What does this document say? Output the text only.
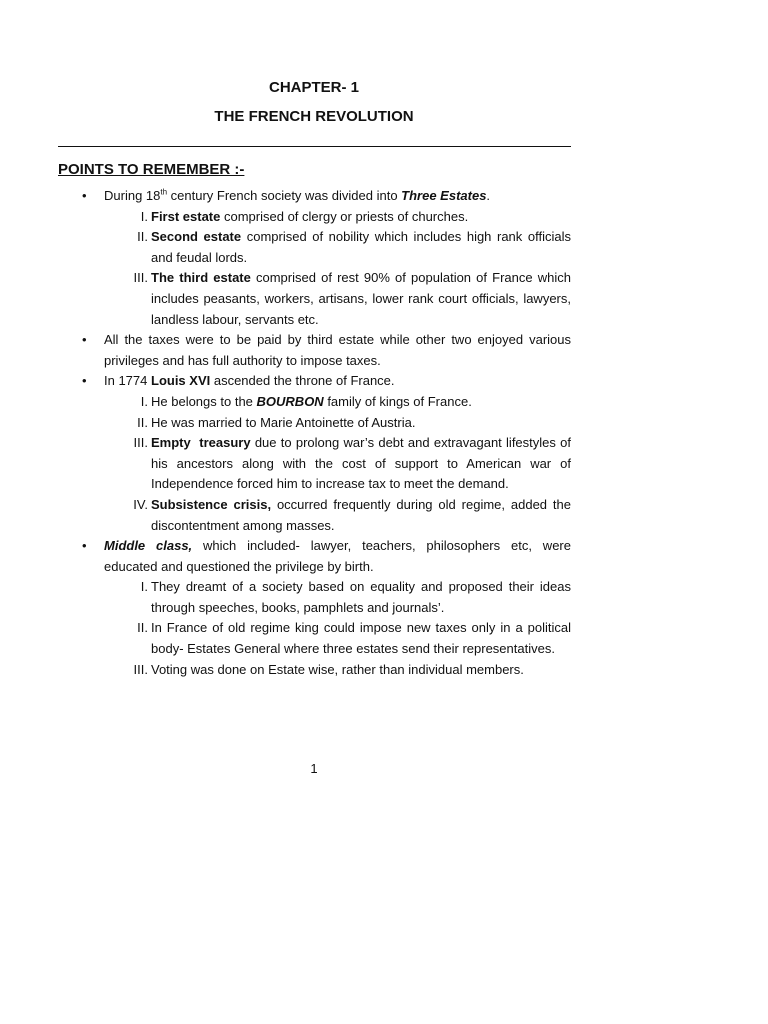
CHAPTER- 1
THE FRENCH REVOLUTION
POINTS TO REMEMBER :-
• During 18th century French society was divided into Three Estates.
I. First estate comprised of clergy or priests of churches.
II. Second estate comprised of nobility which includes high rank officials and feudal lords.
III. The third estate comprised of rest 90% of population of France which includes peasants, workers, artisans, lower rank court officials, lawyers, landless labour, servants etc.
• All the taxes were to be paid by third estate while other two enjoyed various privileges and has full authority to impose taxes.
• In 1774 Louis XVI ascended the throne of France.
I. He belongs to the BOURBON family of kings of France.
II. He was married to Marie Antoinette of Austria.
III. Empty  treasury due to prolong war’s debt and extravagant lifestyles of his ancestors along with the cost of support to American war of Independence forced him to increase tax to meet the demand.
IV. Subsistence crisis, occurred frequently during old regime, added the discontentment among masses.
• Middle class, which included- lawyer, teachers, philosophers etc, were
educated and questioned the privilege by birth.
I. They dreamt of a society based on equality and proposed their ideas through speeches, books, pamphlets and journals’.
II. In France of old regime king could impose new taxes only in a political body- Estates General where three estates send their representatives.
III. Voting was done on Estate wise, rather than individual members.
1
